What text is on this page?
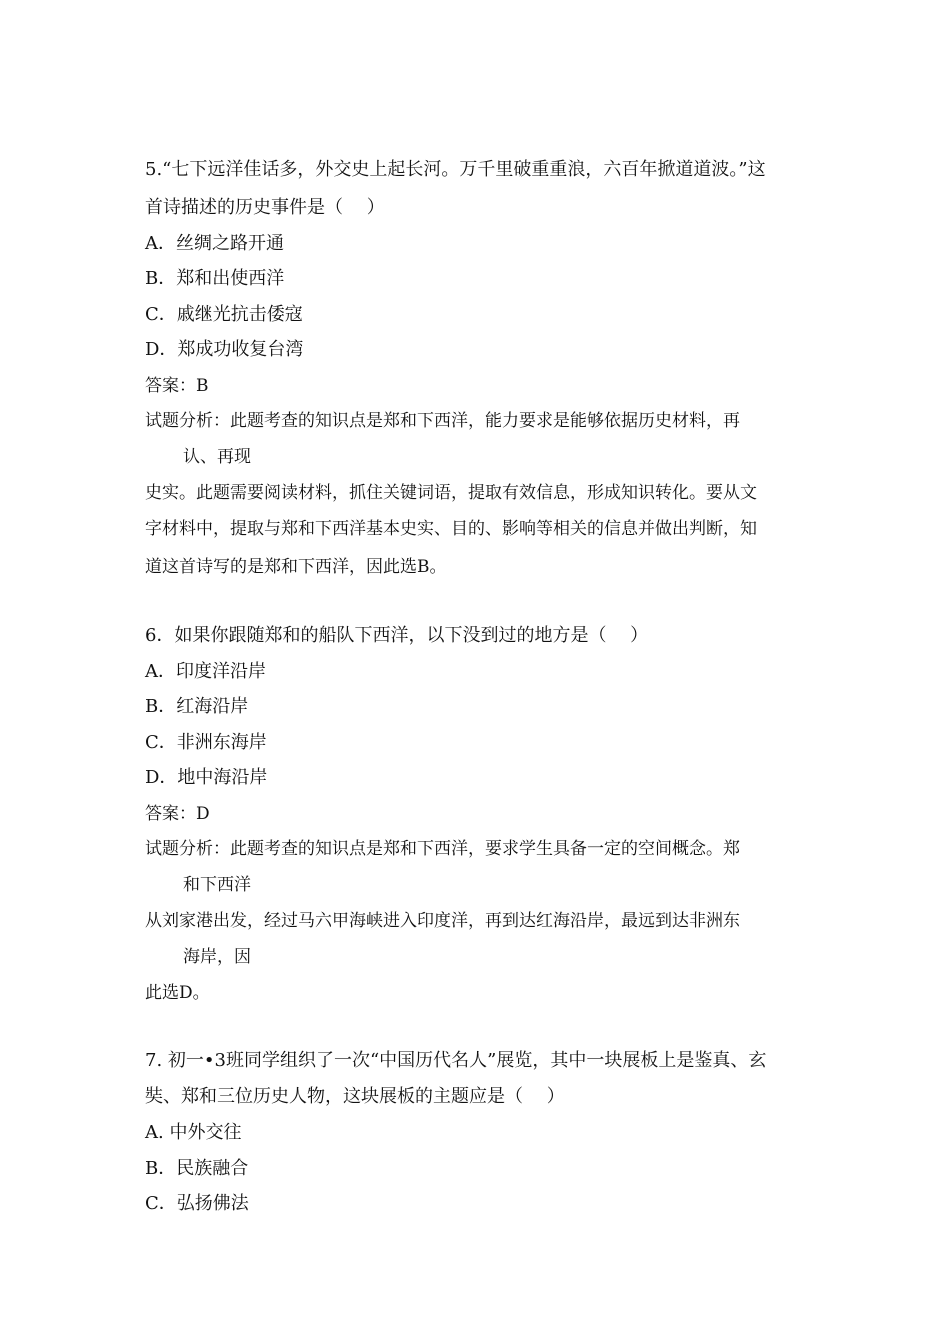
5.“七下远洋佳话多，外交史上起长河。万千里破重重浪，六百年掀道道波。”这
首诗描述的历史事件是（　 ）
A．丝绸之路开通
B．郑和出使西洋
C．戚继光抗击倭寇
D．郑成功收复台湾
答案：B
试题分析：此题考查的知识点是郑和下西洋，能力要求是能够依据历史材料，再
认、再现
史实。此题需要阅读材料，抓住关键词语，提取有效信息，形成知识转化。要从文
字材料中，提取与郑和下西洋基本史实、目的、影响等相关的信息并做出判断，知
道这首诗写的是郑和下西洋，因此选B。
6．如果你跟随郑和的船队下西洋，以下没到过的地方是（　 ）
A．印度洋沿岸
B．红海沿岸
C．非洲东海岸
D．地中海沿岸
答案：D
试题分析：此题考查的知识点是郑和下西洋，要求学生具备一定的空间概念。郑
和下西洋
从刘家港出发，经过马六甲海峡进入印度洋，再到达红海沿岸，最远到达非洲东
海岸，因
此选D。
7. 初一•3班同学组织了一次“中国历代名人”展览，其中一块展板上是鉴真、玄
奘、郑和三位历史人物，这块展板的主题应是（　 ）
A. 中外交往
B．民族融合
C．弘扬佛法
